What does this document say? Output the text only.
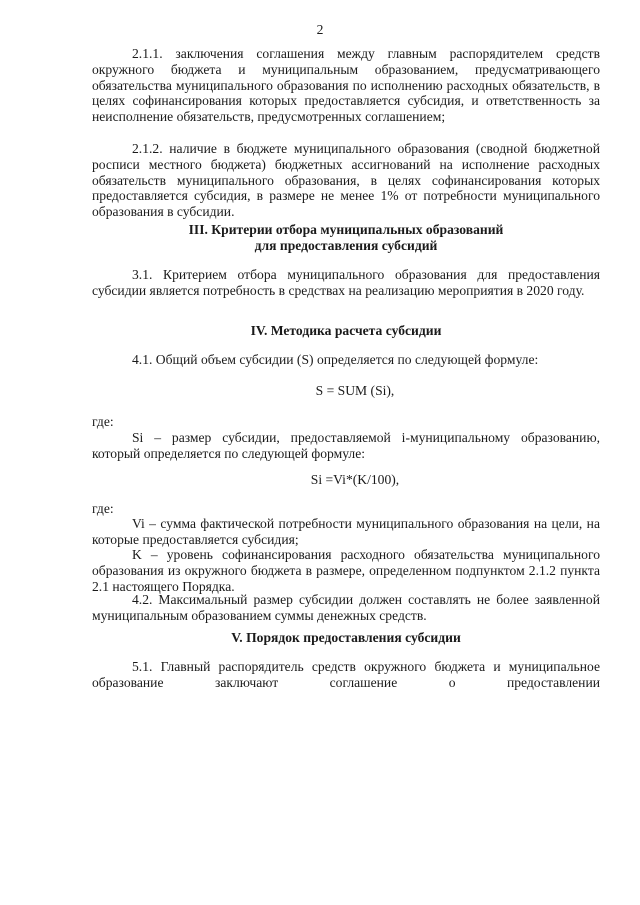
2

2.1.1. заключения соглашения между главным распорядителем средств окружного бюджета и муниципальным образованием, предусматривающего обязательства муниципального образования по исполнению расходных обязательств, в целях софинансирования которых предоставляется субсидия, и ответственность за неисполнение обязательств, предусмотренных соглашением;

2.1.2. наличие в бюджете муниципального образования (сводной бюджетной росписи местного бюджета) бюджетных ассигнований на исполнение расходных обязательств муниципального образования, в целях софинансирования которых предоставляется субсидия, в размере не менее 1% от потребности муниципального образования в субсидии.

III. Критерии отбора муниципальных образований
для предоставления субсидий

3.1. Критерием отбора муниципального образования для предоставления субсидии является потребность в средствах на реализацию мероприятия в 2020 году.

IV. Методика расчета субсидии

4.1. Общий объем субсидии (S) определяется по следующей формуле:

S = SUM (Si),

где:

Si – размер субсидии, предоставляемой i-муниципальному образованию, который определяется по следующей формуле:

Si =Vi*(K/100),

где:

Vi – сумма фактической потребности муниципального образования на цели, на которые предоставляется субсидия;

K – уровень софинансирования расходного обязательства муниципального образования из окружного бюджета в размере, определенном подпунктом 2.1.2 пункта 2.1 настоящего Порядка.

4.2. Максимальный размер субсидии должен составлять не более заявленной муниципальным образованием суммы денежных средств.

V. Порядок предоставления субсидии

5.1. Главный распорядитель средств окружного бюджета и муниципальное образование заключают соглашение о предоставлении
